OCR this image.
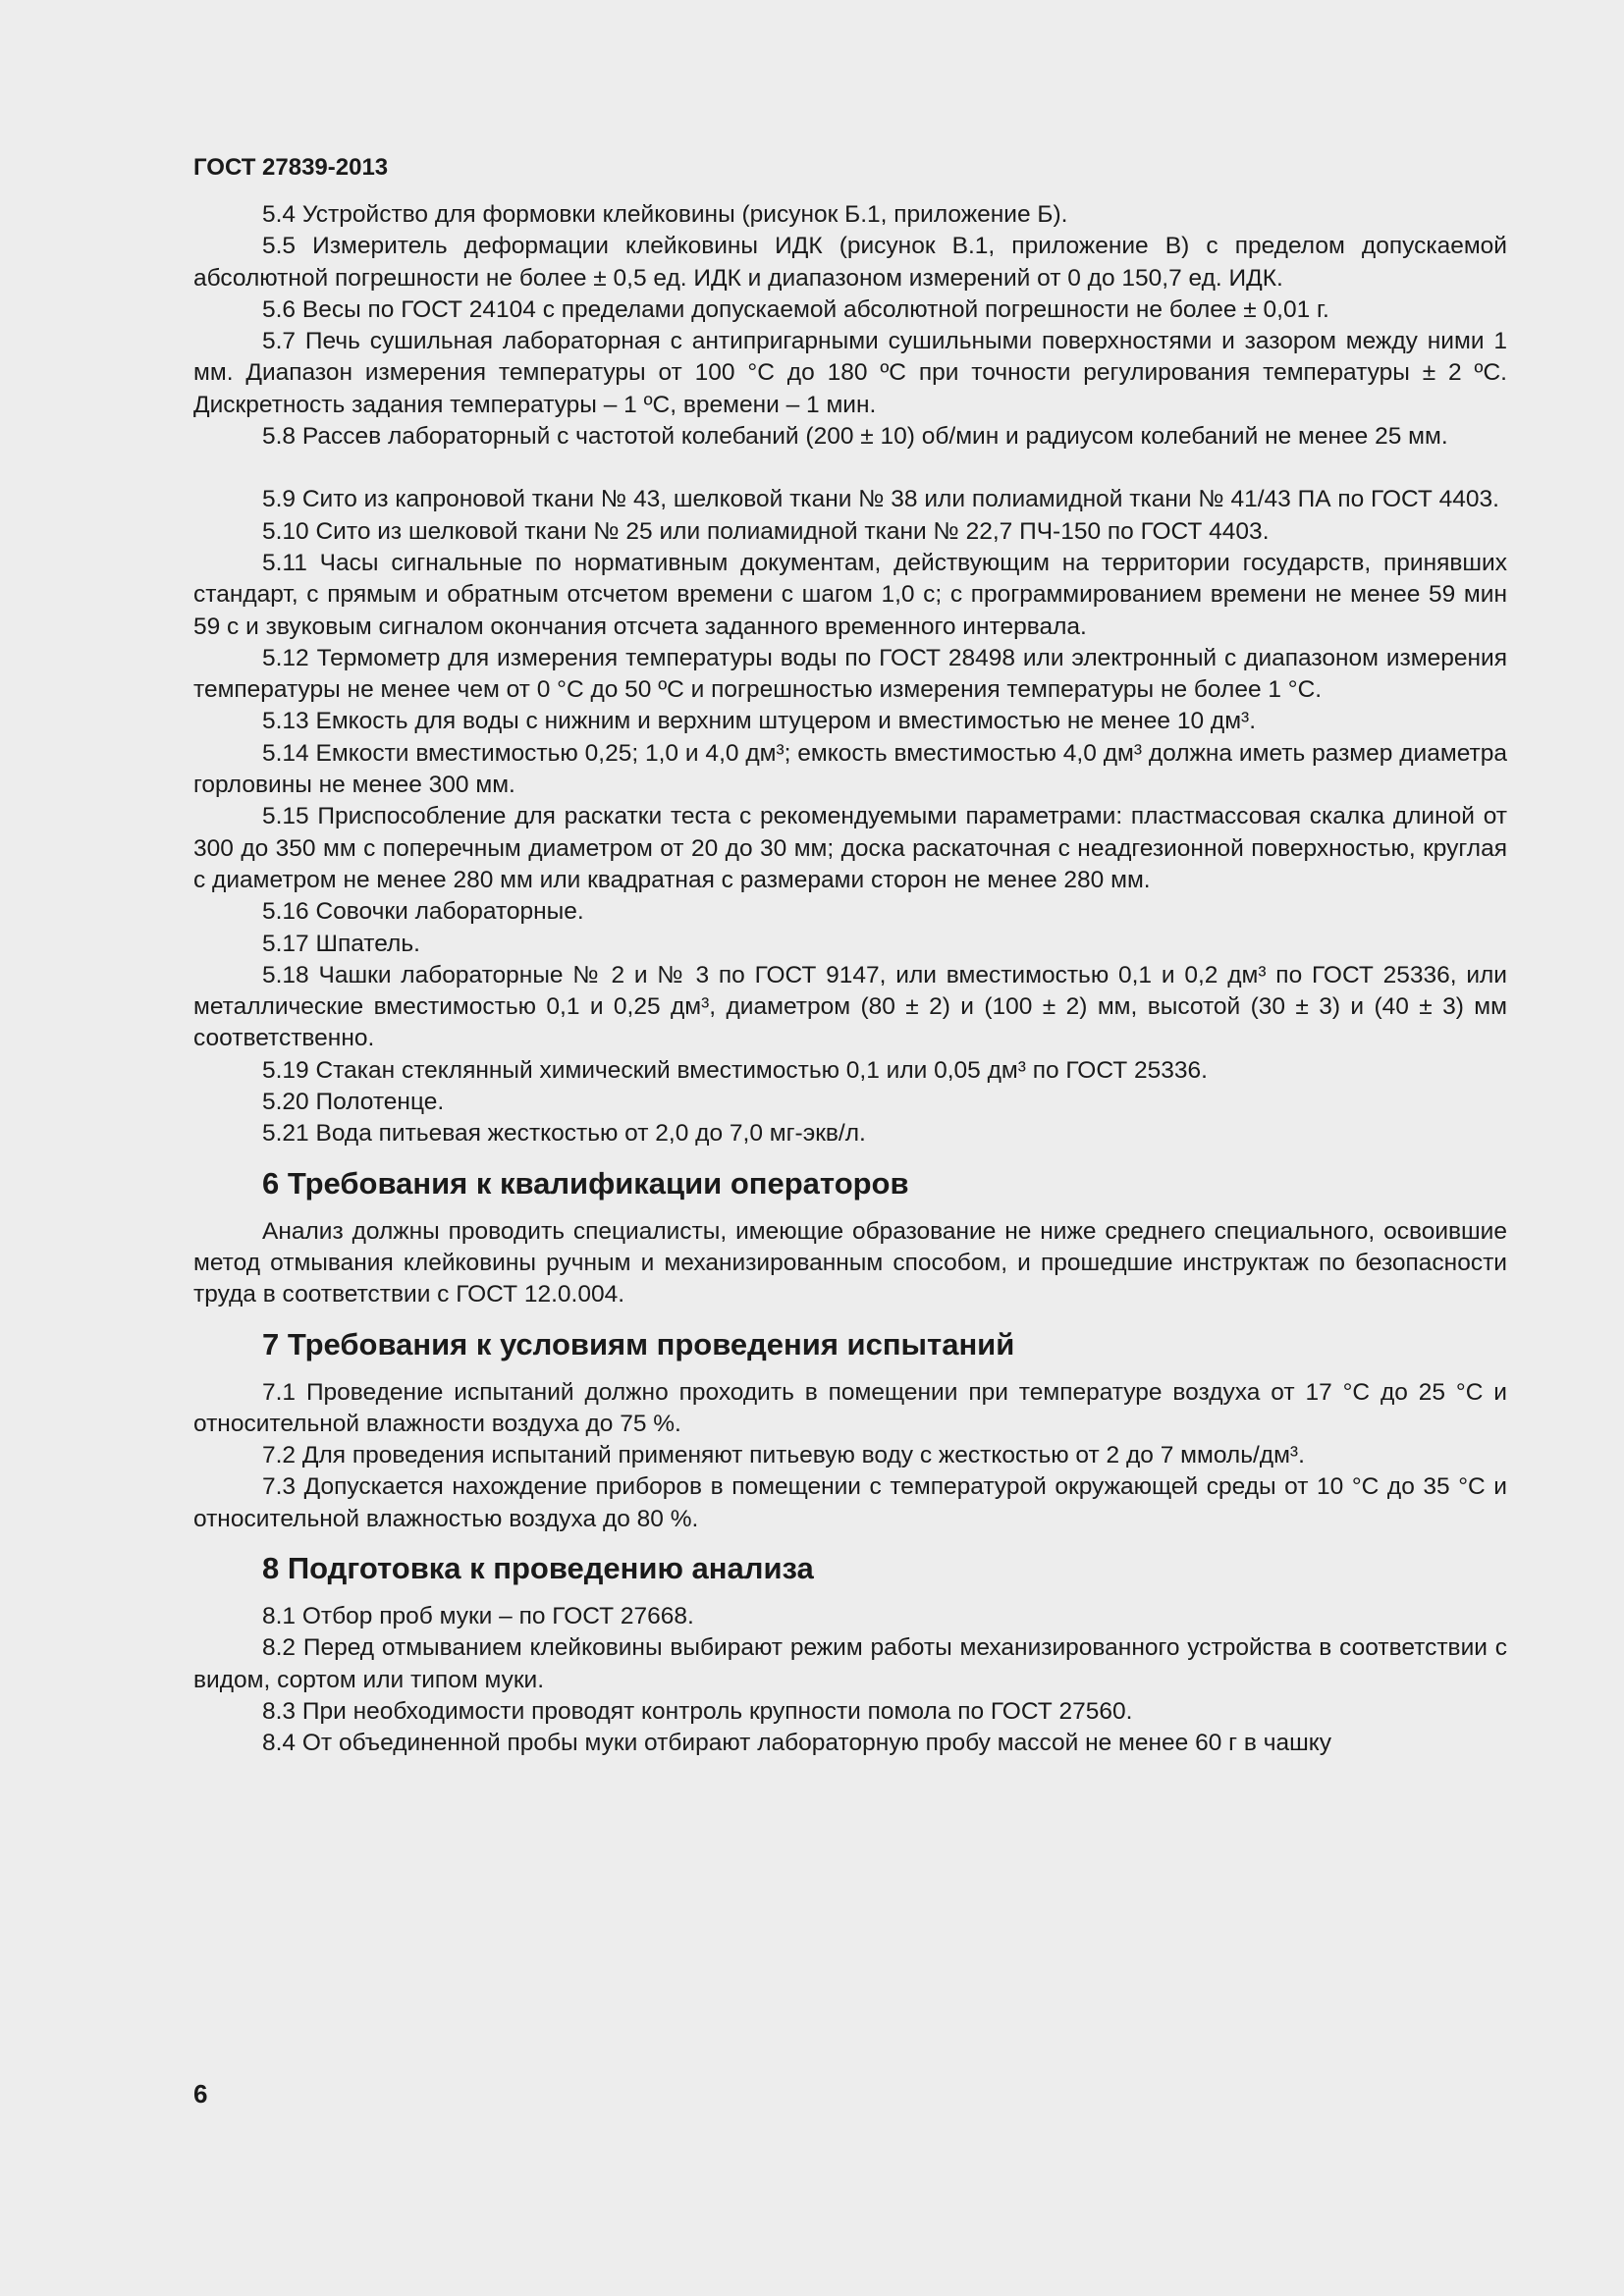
ГОСТ 27839-2013

5.4 Устройство для формовки клейковины (рисунок Б.1, приложение Б).

5.5 Измеритель деформации клейковины ИДК (рисунок В.1, приложение В) с пределом допускаемой абсолютной погрешности не более ± 0,5 ед. ИДК и диапазоном измерений от 0 до 150,7 ед. ИДК.

5.6 Весы по ГОСТ 24104 с пределами допускаемой абсолютной погрешности не более ± 0,01 г.

5.7 Печь сушильная лабораторная с антипригарными сушильными поверхностями и зазором между ними 1 мм. Диапазон измерения температуры от 100 °С до 180 ºС при точности регулирования температуры ± 2 ºС. Дискретность задания температуры – 1 ºС, времени – 1 мин.

5.8 Рассев лабораторный с частотой колебаний (200 ± 10) об/мин и радиусом колебаний не менее 25 мм.

5.9 Сито из капроновой ткани № 43, шелковой ткани № 38 или полиамидной ткани № 41/43 ПА по ГОСТ 4403.

5.10 Сито из шелковой ткани № 25 или полиамидной ткани № 22,7 ПЧ-150 по ГОСТ 4403.

5.11 Часы сигнальные по нормативным документам, действующим на территории государств, принявших стандарт, с прямым и обратным отсчетом времени с шагом 1,0 с; с программированием времени не менее 59 мин 59 с и звуковым сигналом окончания отсчета заданного временного интервала.

5.12 Термометр для измерения температуры воды по ГОСТ 28498 или электронный с диапазоном измерения температуры не менее чем от 0 °С до 50 ºС и погрешностью измерения температуры не более 1 °С.

5.13 Емкость для воды с нижним и верхним штуцером и вместимостью не менее 10 дм³.

5.14 Емкости вместимостью 0,25; 1,0 и 4,0 дм³; емкость вместимостью 4,0 дм³ должна иметь размер диаметра горловины не менее 300 мм.

5.15 Приспособление для раскатки теста с рекомендуемыми параметрами: пластмассовая скалка длиной от 300 до 350 мм с поперечным диаметром от 20 до 30 мм; доска раскаточная с неадгезионной поверхностью, круглая с диаметром не менее 280 мм или квадратная с размерами сторон не менее 280 мм.

5.16 Совочки лабораторные.

5.17 Шпатель.

5.18 Чашки лабораторные № 2 и № 3 по ГОСТ 9147, или вместимостью 0,1 и 0,2 дм³ по ГОСТ 25336, или металлические вместимостью 0,1 и 0,25 дм³, диаметром (80 ± 2) и (100 ± 2) мм, высотой (30 ± 3) и (40 ± 3) мм соответственно.

5.19 Стакан стеклянный химический вместимостью 0,1 или 0,05 дм³ по ГОСТ 25336.

5.20 Полотенце.

5.21 Вода питьевая жесткостью от 2,0 до 7,0 мг-экв/л.

6 Требования к квалификации операторов

Анализ должны проводить специалисты, имеющие образование не ниже среднего специального, освоившие метод отмывания клейковины ручным и механизированным способом, и прошедшие инструктаж по безопасности труда в соответствии с ГОСТ 12.0.004.

7 Требования к условиям проведения испытаний

7.1 Проведение испытаний должно проходить в помещении при температуре воздуха от 17 °С до 25 °С и относительной влажности воздуха до 75 %.

7.2 Для проведения испытаний применяют питьевую воду с жесткостью от 2 до 7 ммоль/дм³.

7.3 Допускается нахождение приборов в помещении с температурой окружающей среды от 10 °С до 35 °С и относительной влажностью воздуха до 80 %.

8 Подготовка к проведению анализа

8.1 Отбор проб муки – по ГОСТ 27668.

8.2 Перед отмыванием клейковины выбирают режим работы механизированного устройства в соответствии с видом, сортом или типом муки.

8.3 При необходимости проводят контроль крупности помола по ГОСТ 27560.

8.4 От объединенной пробы муки отбирают лабораторную пробу массой не менее 60 г в чашку

6
